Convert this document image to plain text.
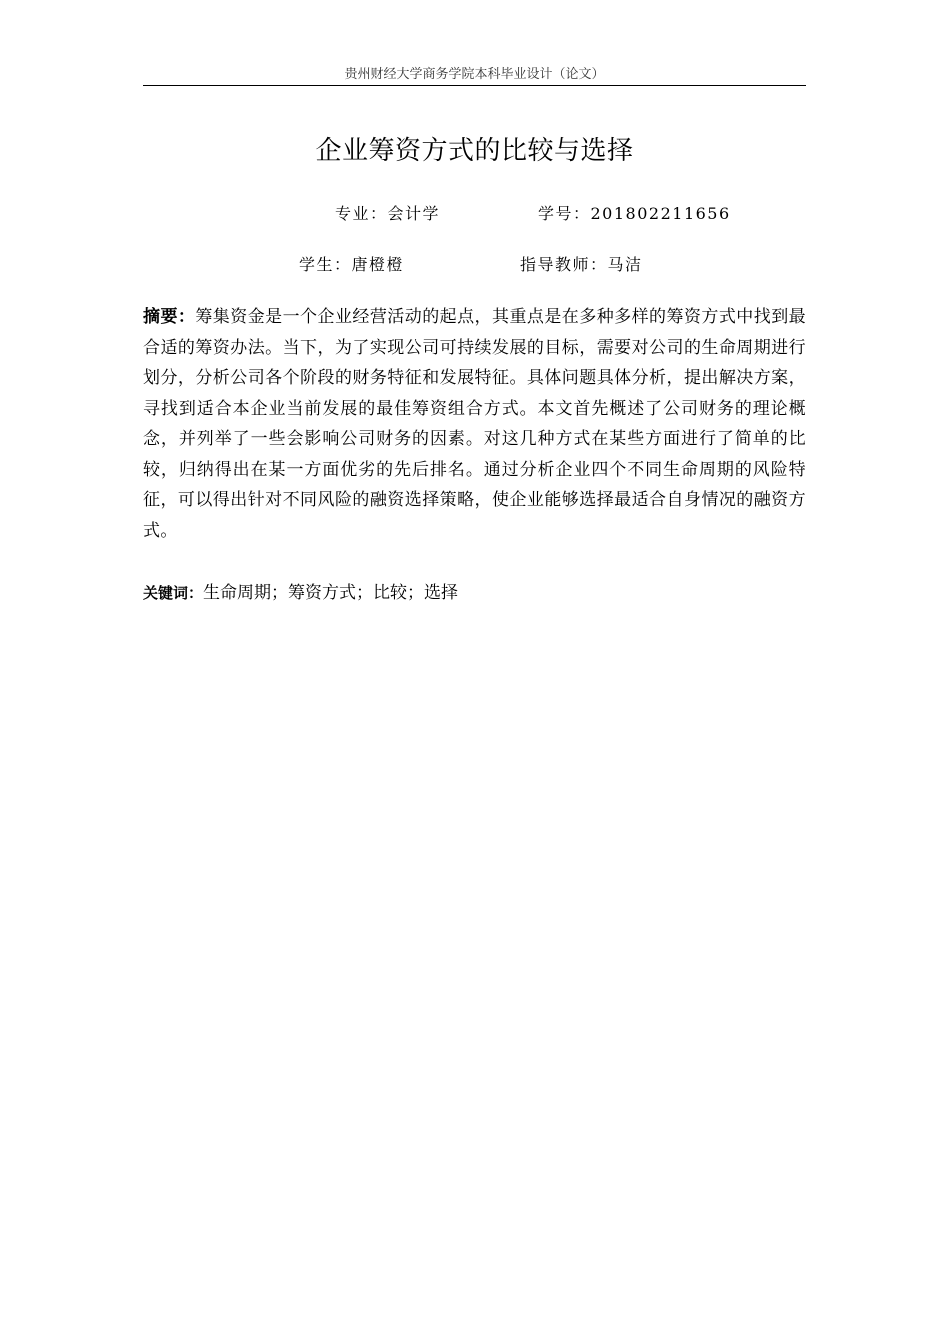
贵州财经大学商务学院本科毕业设计（论文）
企业筹资方式的比较与选择
专业：会计学	学号：201802211656
学生：唐橙橙	指导教师：马洁
摘要：筹集资金是一个企业经营活动的起点，其重点是在多种多样的筹资方式中找到最合适的筹资办法。当下，为了实现公司可持续发展的目标，需要对公司的生命周期进行划分，分析公司各个阶段的财务特征和发展特征。具体问题具体分析，提出解决方案，寻找到适合本企业当前发展的最佳筹资组合方式。本文首先概述了公司财务的理论概念，并列举了一些会影响公司财务的因素。对这几种方式在某些方面进行了简单的比较，归纳得出在某一方面优劣的先后排名。通过分析企业四个不同生命周期的风险特征，可以得出针对不同风险的融资选择策略，使企业能够选择最适合自身情况的融资方式。
关键词：生命周期；筹资方式；比较；选择
